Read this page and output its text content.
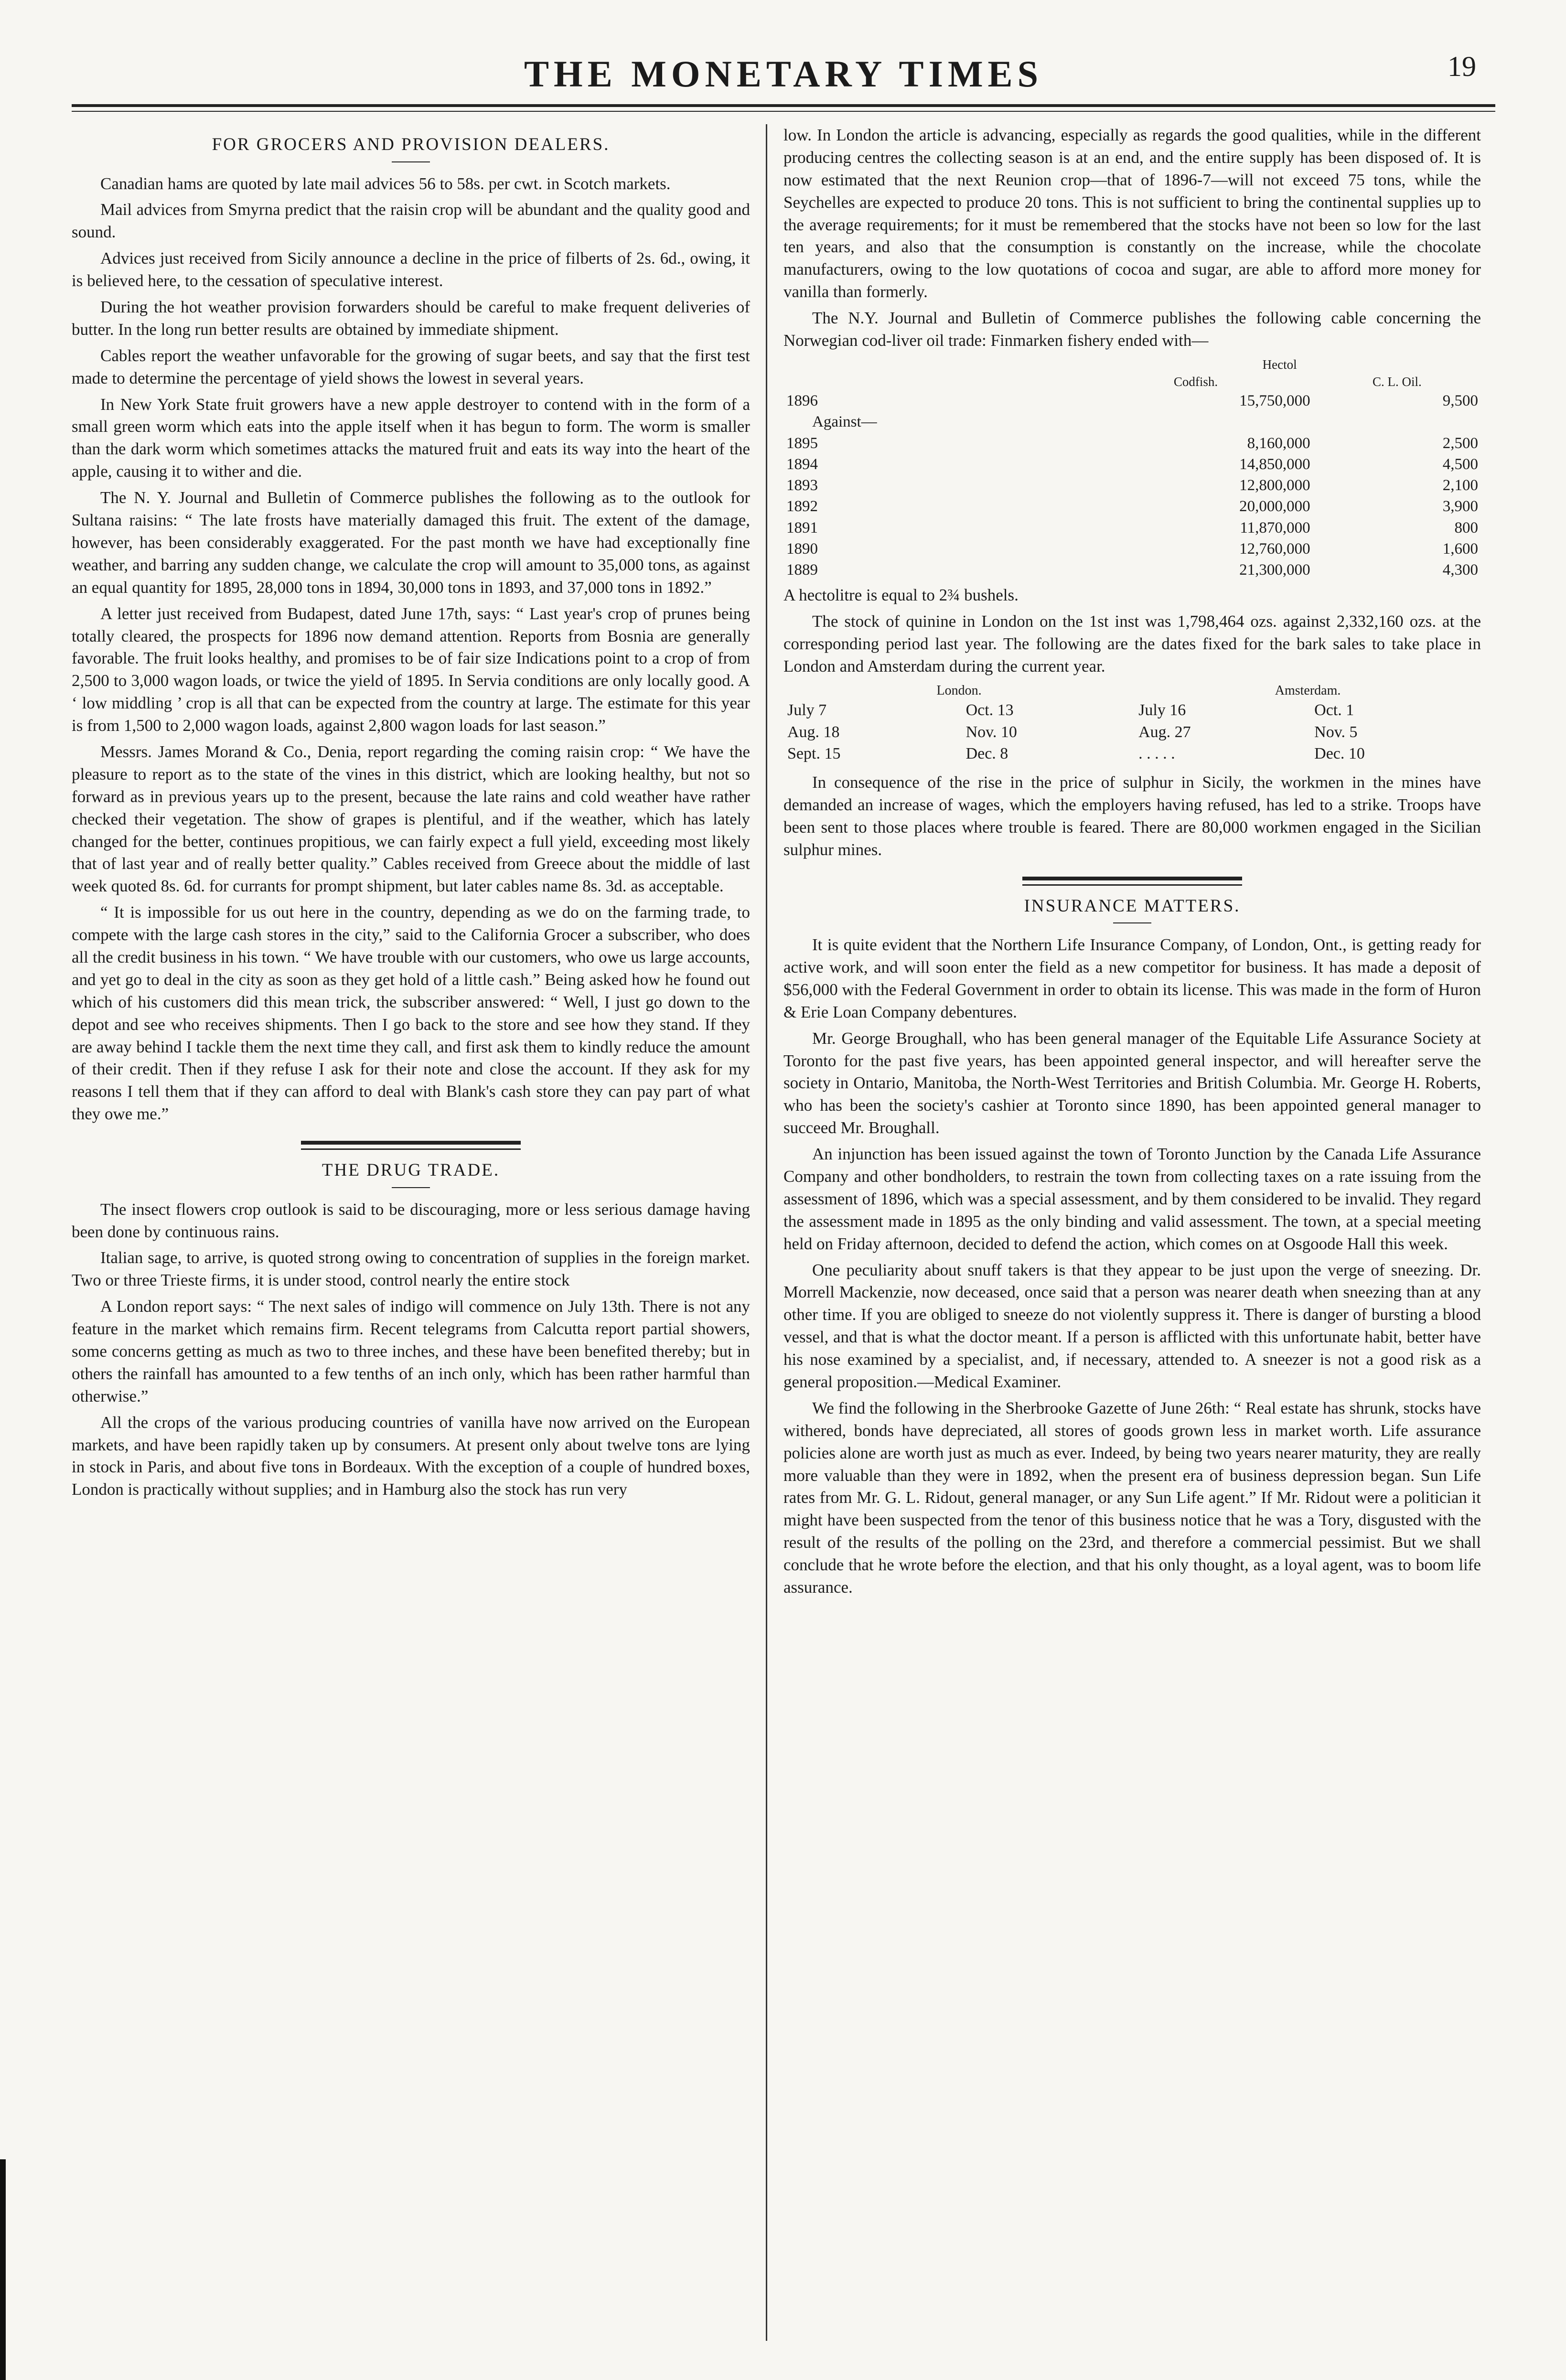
THE MONETARY TIMES	19
FOR GROCERS AND PROVISION DEALERS.

Canadian hams are quoted by late mail advices 56 to 58s. per cwt. in Scotch markets.

Mail advices from Smyrna predict that the raisin crop will be abundant and the quality good and sound.

Advices just received from Sicily announce a decline in the price of filberts of 2s. 6d., owing, it is believed here, to the cessation of speculative interest.

During the hot weather provision forwarders should be careful to make frequent deliveries of butter. In the long run better results are obtained by immediate shipment.

Cables report the weather unfavorable for the growing of sugar beets, and say that the first test made to determine the percentage of yield shows the lowest in several years.

In New York State fruit growers have a new apple destroyer to contend with in the form of a small green worm which eats into the apple itself when it has begun to form. The worm is smaller than the dark worm which sometimes attacks the matured fruit and eats its way into the heart of the apple, causing it to wither and die.

The N. Y. Journal and Bulletin of Commerce publishes the following as to the outlook for Sultana raisins: “ The late frosts have materially damaged this fruit. The extent of the damage, however, has been considerably exaggerated. For the past month we have had exceptionally fine weather, and barring any sudden change, we calculate the crop will amount to 35,000 tons, as against an equal quantity for 1895, 28,000 tons in 1894, 30,000 tons in 1893, and 37,000 tons in 1892.”

A letter just received from Budapest, dated June 17th, says: “ Last year's crop of prunes being totally cleared, the prospects for 1896 now demand attention. Reports from Bosnia are generally favorable. The fruit looks healthy, and promises to be of fair size Indications point to a crop of from 2,500 to 3,000 wagon loads, or twice the yield of 1895. In Servia conditions are only locally good. A ‘ low middling ’ crop is all that can be expected from the country at large. The estimate for this year is from 1,500 to 2,000 wagon loads, against 2,800 wagon loads for last season.”

Messrs. James Morand & Co., Denia, report regarding the coming raisin crop: “ We have the pleasure to report as to the state of the vines in this district, which are looking healthy, but not so forward as in previous years up to the present, because the late rains and cold weather have rather checked their vegetation. The show of grapes is plentiful, and if the weather, which has lately changed for the better, continues propitious, we can fairly expect a full yield, exceeding most likely that of last year and of really better quality.” Cables received from Greece about the middle of last week quoted 8s. 6d. for currants for prompt shipment, but later cables name 8s. 3d. as acceptable.

“ It is impossible for us out here in the country, depending as we do on the farming trade, to compete with the large cash stores in the city,” said to the California Grocer a subscriber, who does all the credit business in his town. “ We have trouble with our customers, who owe us large accounts, and yet go to deal in the city as soon as they get hold of a little cash.” Being asked how he found out which of his customers did this mean trick, the subscriber answered: “ Well, I just go down to the depot and see who receives shipments. Then I go back to the store and see how they stand. If they are away behind I tackle them the next time they call, and first ask them to kindly reduce the amount of their credit. Then if they refuse I ask for their note and close the account. If they ask for my reasons I tell them that if they can afford to deal with Blank's cash store they can pay part of what they owe me.”

THE DRUG TRADE.

The insect flowers crop outlook is said to be discouraging, more or less serious damage having been done by continuous rains.

Italian sage, to arrive, is quoted strong owing to concentration of supplies in the foreign market. Two or three Trieste firms, it is under stood, control nearly the entire stock

A London report says: “ The next sales of indigo will commence on July 13th. There is not any feature in the market which remains firm. Recent telegrams from Calcutta report partial showers, some concerns getting as much as two to three inches, and these have been benefited thereby; but in others the rainfall has amounted to a few tenths of an inch only, which has been rather harmful than otherwise.”

All the crops of the various producing countries of vanilla have now arrived on the European markets, and have been rapidly taken up by consumers. At present only about twelve tons are lying in stock in Paris, and about five tons in Bordeaux. With the exception of a couple of hundred boxes, London is practically without supplies; and in Hamburg also the stock has run very

low. In London the article is advancing, especially as regards the good qualities, while in the different producing centres the collecting season is at an end, and the entire supply has been disposed of. It is now estimated that the next Reunion crop—that of 1896-7—will not exceed 75 tons, while the Seychelles are expected to produce 20 tons. This is not sufficient to bring the continental supplies up to the average requirements; for it must be remembered that the stocks have not been so low for the last ten years, and also that the consumption is constantly on the increase, while the chocolate manufacturers, owing to the low quotations of cocoa and sugar, are able to afford more money for vanilla than formerly.

The N.Y. Journal and Bulletin of Commerce publishes the following cable concerning the Norwegian cod-liver oil trade: Finmarken fishery ended with—

	Hectol	
	Codfish.	C. L. Oil.
1896	15,750,000	9,500
Against—		
1895	8,160,000	2,500
1894	14,850,000	4,500
1893	12,800,000	2,100
1892	20,000,000	3,900
1891	11,870,000	800
1890	12,760,000	1,600
1889	21,300,000	4,300

A hectolitre is equal to 2¾ bushels.

The stock of quinine in London on the 1st inst was 1,798,464 ozs. against 2,332,160 ozs. at the corresponding period last year. The following are the dates fixed for the bark sales to take place in London and Amsterdam during the current year.

London.		Amsterdam.	
July 7	Oct. 13	July 16	Oct. 1
Aug. 18	Nov. 10	Aug. 27	Nov. 5
Sept. 15	Dec. 8	. . . . .	Dec. 10

In consequence of the rise in the price of sulphur in Sicily, the workmen in the mines have demanded an increase of wages, which the employers having refused, has led to a strike. Troops have been sent to those places where trouble is feared. There are 80,000 workmen engaged in the Sicilian sulphur mines.

INSURANCE MATTERS.

It is quite evident that the Northern Life Insurance Company, of London, Ont., is getting ready for active work, and will soon enter the field as a new competitor for business. It has made a deposit of $56,000 with the Federal Government in order to obtain its license. This was made in the form of Huron & Erie Loan Company debentures.

Mr. George Broughall, who has been general manager of the Equitable Life Assurance Society at Toronto for the past five years, has been appointed general inspector, and will hereafter serve the society in Ontario, Manitoba, the North-West Territories and British Columbia. Mr. George H. Roberts, who has been the society's cashier at Toronto since 1890, has been appointed general manager to succeed Mr. Broughall.

An injunction has been issued against the town of Toronto Junction by the Canada Life Assurance Company and other bondholders, to restrain the town from collecting taxes on a rate issuing from the assessment of 1896, which was a special assessment, and by them considered to be invalid. They regard the assessment made in 1895 as the only binding and valid assessment. The town, at a special meeting held on Friday afternoon, decided to defend the action, which comes on at Osgoode Hall this week.

One peculiarity about snuff takers is that they appear to be just upon the verge of sneezing. Dr. Morrell Mackenzie, now deceased, once said that a person was nearer death when sneezing than at any other time. If you are obliged to sneeze do not violently suppress it. There is danger of bursting a blood vessel, and that is what the doctor meant. If a person is afflicted with this unfortunate habit, better have his nose examined by a specialist, and, if necessary, attended to. A sneezer is not a good risk as a general proposition.—Medical Examiner.

We find the following in the Sherbrooke Gazette of June 26th: “ Real estate has shrunk, stocks have withered, bonds have depreciated, all stores of goods grown less in market worth. Life assurance policies alone are worth just as much as ever. Indeed, by being two years nearer maturity, they are really more valuable than they were in 1892, when the present era of business depression began. Sun Life rates from Mr. G. L. Ridout, general manager, or any Sun Life agent.” If Mr. Ridout were a politician it might have been suspected from the tenor of this business notice that he was a Tory, disgusted with the result of the results of the polling on the 23rd, and therefore a commercial pessimist. But we shall conclude that he wrote before the election, and that his only thought, as a loyal agent, was to boom life assurance.
